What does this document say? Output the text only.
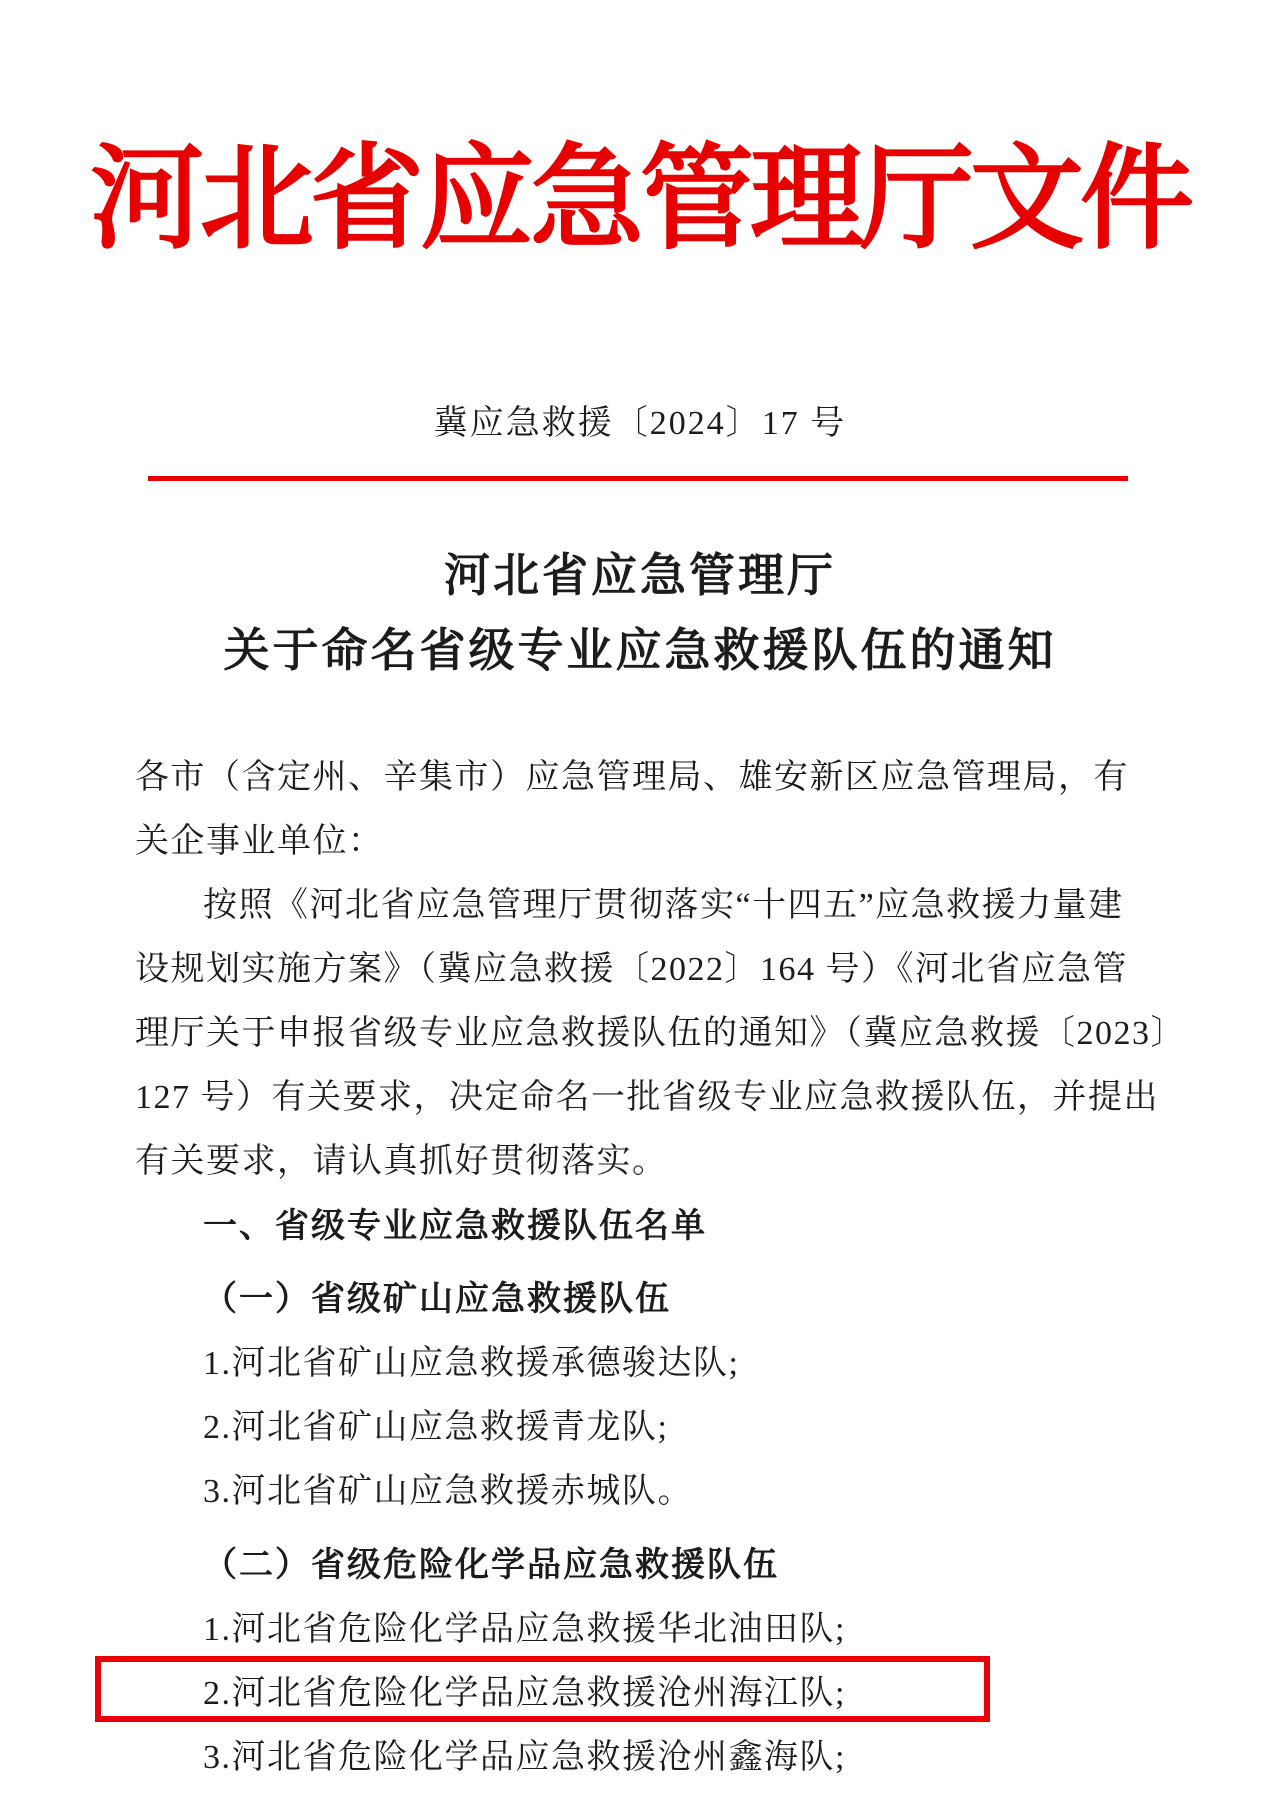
河北省应急管理厅文件
冀应急救援〔2024〕17 号
河北省应急管理厅
关于命名省级专业应急救援队伍的通知
各市（含定州、辛集市）应急管理局、雄安新区应急管理局，有
关企事业单位：
按照《河北省应急管理厅贯彻落实“十四五”应急救援力量建
设规划实施方案》（冀应急救援〔2022〕164 号）《河北省应急管
理厅关于申报省级专业应急救援队伍的通知》（冀应急救援〔2023〕
127 号）有关要求，决定命名一批省级专业应急救援队伍，并提出
有关要求，请认真抓好贯彻落实。
一、省级专业应急救援队伍名单
（一）省级矿山应急救援队伍
1.河北省矿山应急救援承德骏达队;
2.河北省矿山应急救援青龙队;
3.河北省矿山应急救援赤城队。
（二）省级危险化学品应急救援队伍
1.河北省危险化学品应急救援华北油田队;
2.河北省危险化学品应急救援沧州海江队;
3.河北省危险化学品应急救援沧州鑫海队;
